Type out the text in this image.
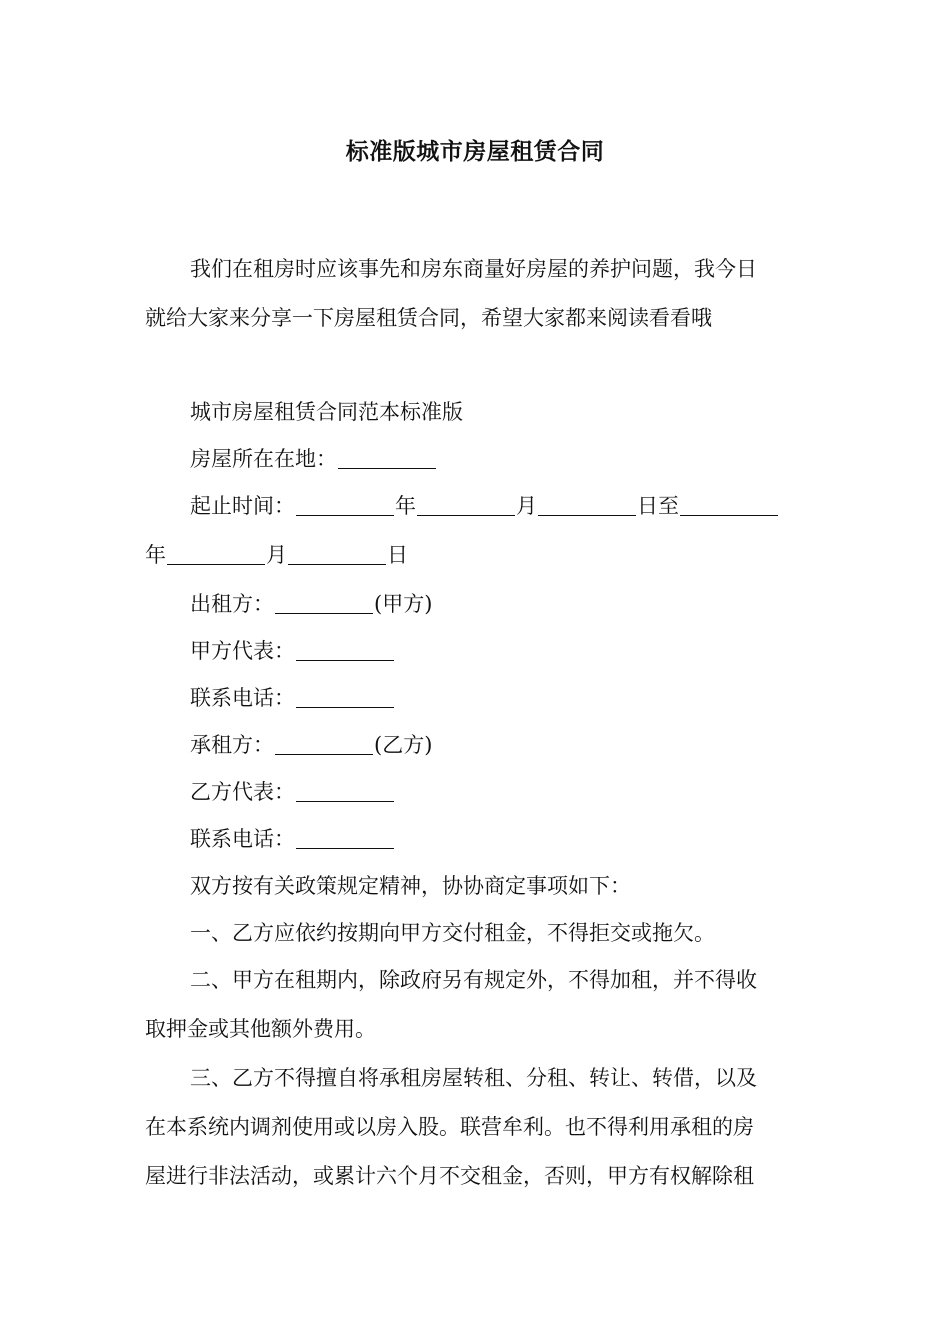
标准版城市房屋租赁合同
我们在租房时应该事先和房东商量好房屋的养护问题，我今日
就给大家来分享一下房屋租赁合同，希望大家都来阅读看看哦
城市房屋租赁合同范本标准版
房屋所在在地：
起止时间：	年	月	日至
年	月	日
出租方：	(甲方)
甲方代表：
联系电话：
承租方：	(乙方)
乙方代表：
联系电话：
双方按有关政策规定精神，协协商定事项如下：
一、乙方应依约按期向甲方交付租金，不得拒交或拖欠。
二、甲方在租期内，除政府另有规定外，不得加租，并不得收
取押金或其他额外费用。
三、乙方不得擅自将承租房屋转租、分租、转让、转借，以及
在本系统内调剂使用或以房入股。联营牟利。也不得利用承租的房
屋进行非法活动，或累计六个月不交租金，否则，甲方有权解除租
